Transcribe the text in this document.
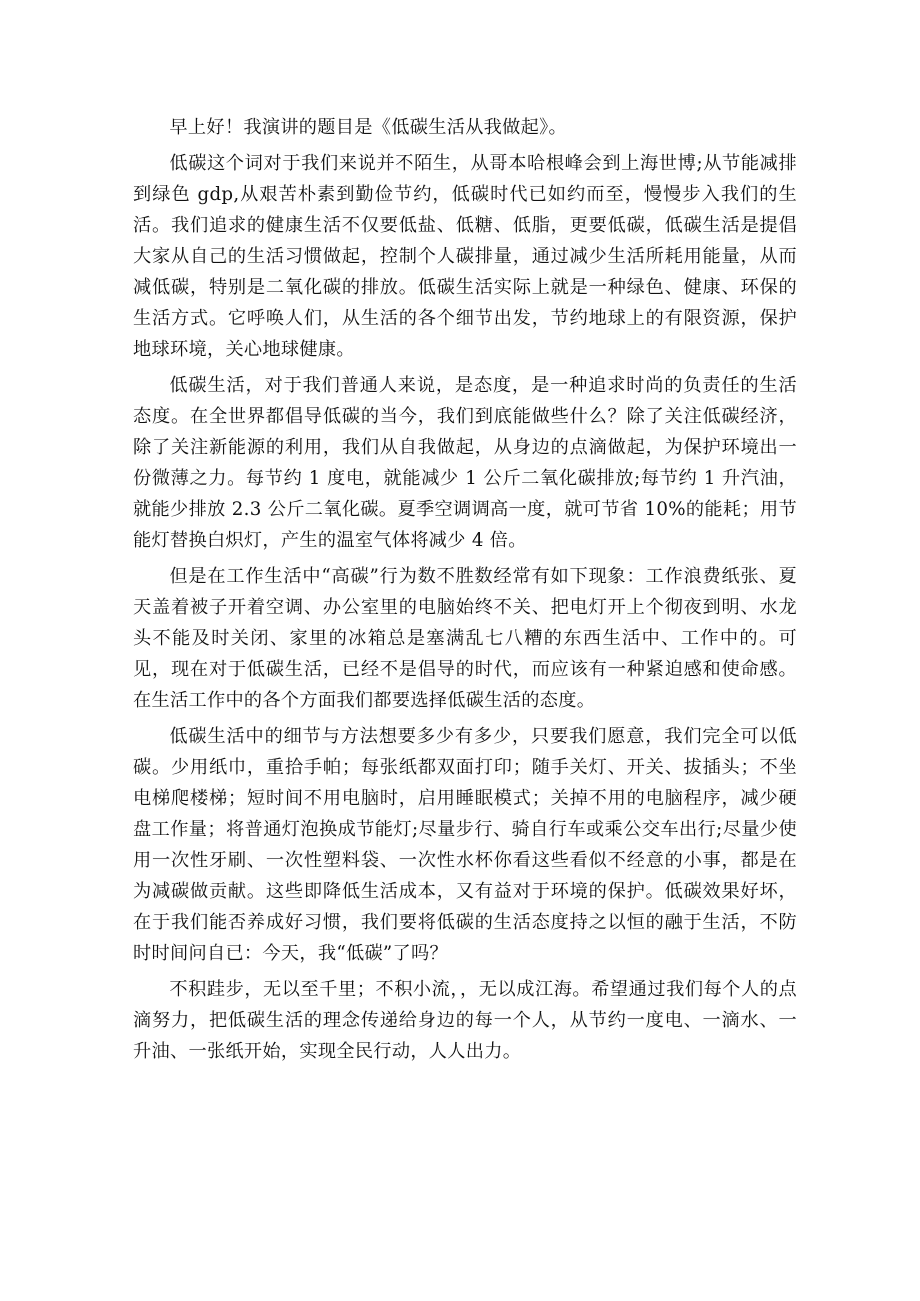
早上好！我演讲的题目是《低碳生活从我做起》。

低碳这个词对于我们来说并不陌生，从哥本哈根峰会到上海世博;从节能减排到绿色 gdp,从艰苦朴素到勤俭节约，低碳时代已如约而至，慢慢步入我们的生活。我们追求的健康生活不仅要低盐、低糖、低脂，更要低碳，低碳生活是提倡大家从自己的生活习惯做起，控制个人碳排量，通过减少生活所耗用能量，从而减低碳，特别是二氧化碳的排放。低碳生活实际上就是一种绿色、健康、环保的生活方式。它呼唤人们，从生活的各个细节出发，节约地球上的有限资源，保护地球环境，关心地球健康。

低碳生活，对于我们普通人来说，是态度，是一种追求时尚的负责任的生活态度。在全世界都倡导低碳的当今，我们到底能做些什么？除了关注低碳经济，除了关注新能源的利用，我们从自我做起，从身边的点滴做起，为保护环境出一份微薄之力。每节约 1 度电，就能减少 1 公斤二氧化碳排放;每节约 1 升汽油，就能少排放 2.3 公斤二氧化碳。夏季空调调高一度，就可节省 10%的能耗；用节能灯替换白炽灯，产生的温室气体将减少 4 倍。

但是在工作生活中“高碳”行为数不胜数经常有如下现象：工作浪费纸张、夏天盖着被子开着空调、办公室里的电脑始终不关、把电灯开上个彻夜到明、水龙头不能及时关闭、家里的冰箱总是塞满乱七八糟的东西生活中、工作中的。可见，现在对于低碳生活，已经不是倡导的时代，而应该有一种紧迫感和使命感。在生活工作中的各个方面我们都要选择低碳生活的态度。

低碳生活中的细节与方法想要多少有多少，只要我们愿意，我们完全可以低碳。少用纸巾，重拾手帕；每张纸都双面打印；随手关灯、开关、拔插头；不坐电梯爬楼梯；短时间不用电脑时，启用睡眠模式；关掉不用的电脑程序，减少硬盘工作量；将普通灯泡换成节能灯;尽量步行、骑自行车或乘公交车出行;尽量少使用一次性牙刷、一次性塑料袋、一次性水杯你看这些看似不经意的小事，都是在为减碳做贡献。这些即降低生活成本，又有益对于环境的保护。低碳效果好坏，在于我们能否养成好习惯，我们要将低碳的生活态度持之以恒的融于生活，不防时时间问自已：今天，我“低碳”了吗？

不积跬步，无以至千里；不积小流，，无以成江海。希望通过我们每个人的点滴努力，把低碳生活的理念传递给身边的每一个人，从节约一度电、一滴水、一升油、一张纸开始，实现全民行动，人人出力。
